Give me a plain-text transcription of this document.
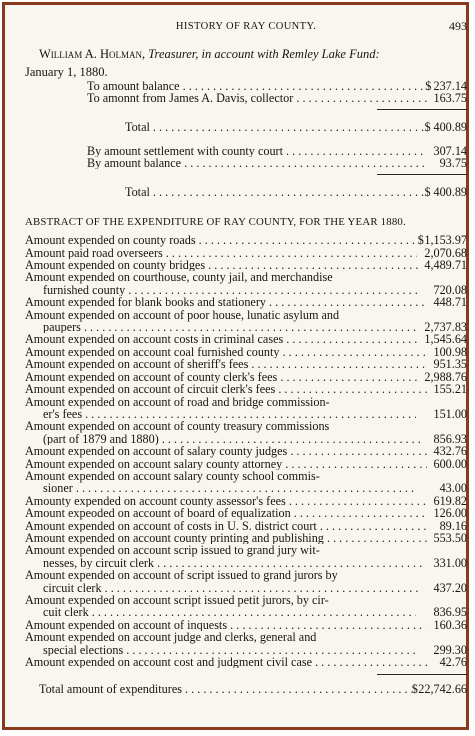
HISTORY OF RAY COUNTY.	493
William A. Holman, Treasurer, in account with Remley Lake Fund:
January 1, 1880.
To amount balance . . .	$ 237.14
To amonnt from James A. Davis, collector . . .	163.75
Total . . .	$ 400.89
By amount settlement with county court . . .	307.14
By amount balance . . .	93.75
Total . . .	$ 400.89
ABSTRACT OF THE EXPENDITURE OF RAY COUNTY, FOR THE YEAR 1880.
Amount expended on county roads . . .	$ 1,153.97
Amount paid road overseers . . .	2,070.68
Amount expended on county bridges . . .	4,489.71
Amount expended on courthouse, county jail, and merchandise
furnished county . . .	720.08
Amount expended for blank books and stationery . . .	448.71
Amount expended on account of poor house, lunatic asylum and
paupers . . . . .	2,737.83
Amount expended on account costs in criminal cases . . .	1,545.64
Amount expended on account coal furnished county . . .	100.98
Amount expended on account of sheriff's fees . . .	951.35
Amount expended on account of county clerk's fees . . .	2,988.76
Amount expended on account of circuit clerk's fees . . .	155.21
Amount expended on account of road and bridge commission-
er's fees . . .	151.00
Amount expended on account of county treasury commissions
(part of 1879 and 1880) . . .	856.93
Amount expended on account of salary county judges . . .	432.76
Amount expended on account salary county attorney . . .	600.00
Amount expended on account salary county school commis-
sioner . . .	43.00
Amounty expended on account county assessor's fees . . .	619.82
Amount expeoded on account of board of equalization . . .	126.00
Amount expended on account of costs in U. S. district court . . .	89.16
Amount expended on account county printing and publishing . . .	553.50
Amount expended on account scrip issued to grand jury wit-
nesses, by circuit clerk . . .	331.00
Amount expended on account of script issued to grand jurors by
circuit clerk . . .	437.20
Amount expended on account script issued petit jurors, by cir-
cuit clerk . . .	836.95
Amount expended on account of inquests . . .	160.36
Amount expended on account judge and clerks, general and
special elections . . .	299.30
Amount expended on account cost and judgment civil case . . .	42.76
Total amount of expenditures . . .	$ 22,742.66
